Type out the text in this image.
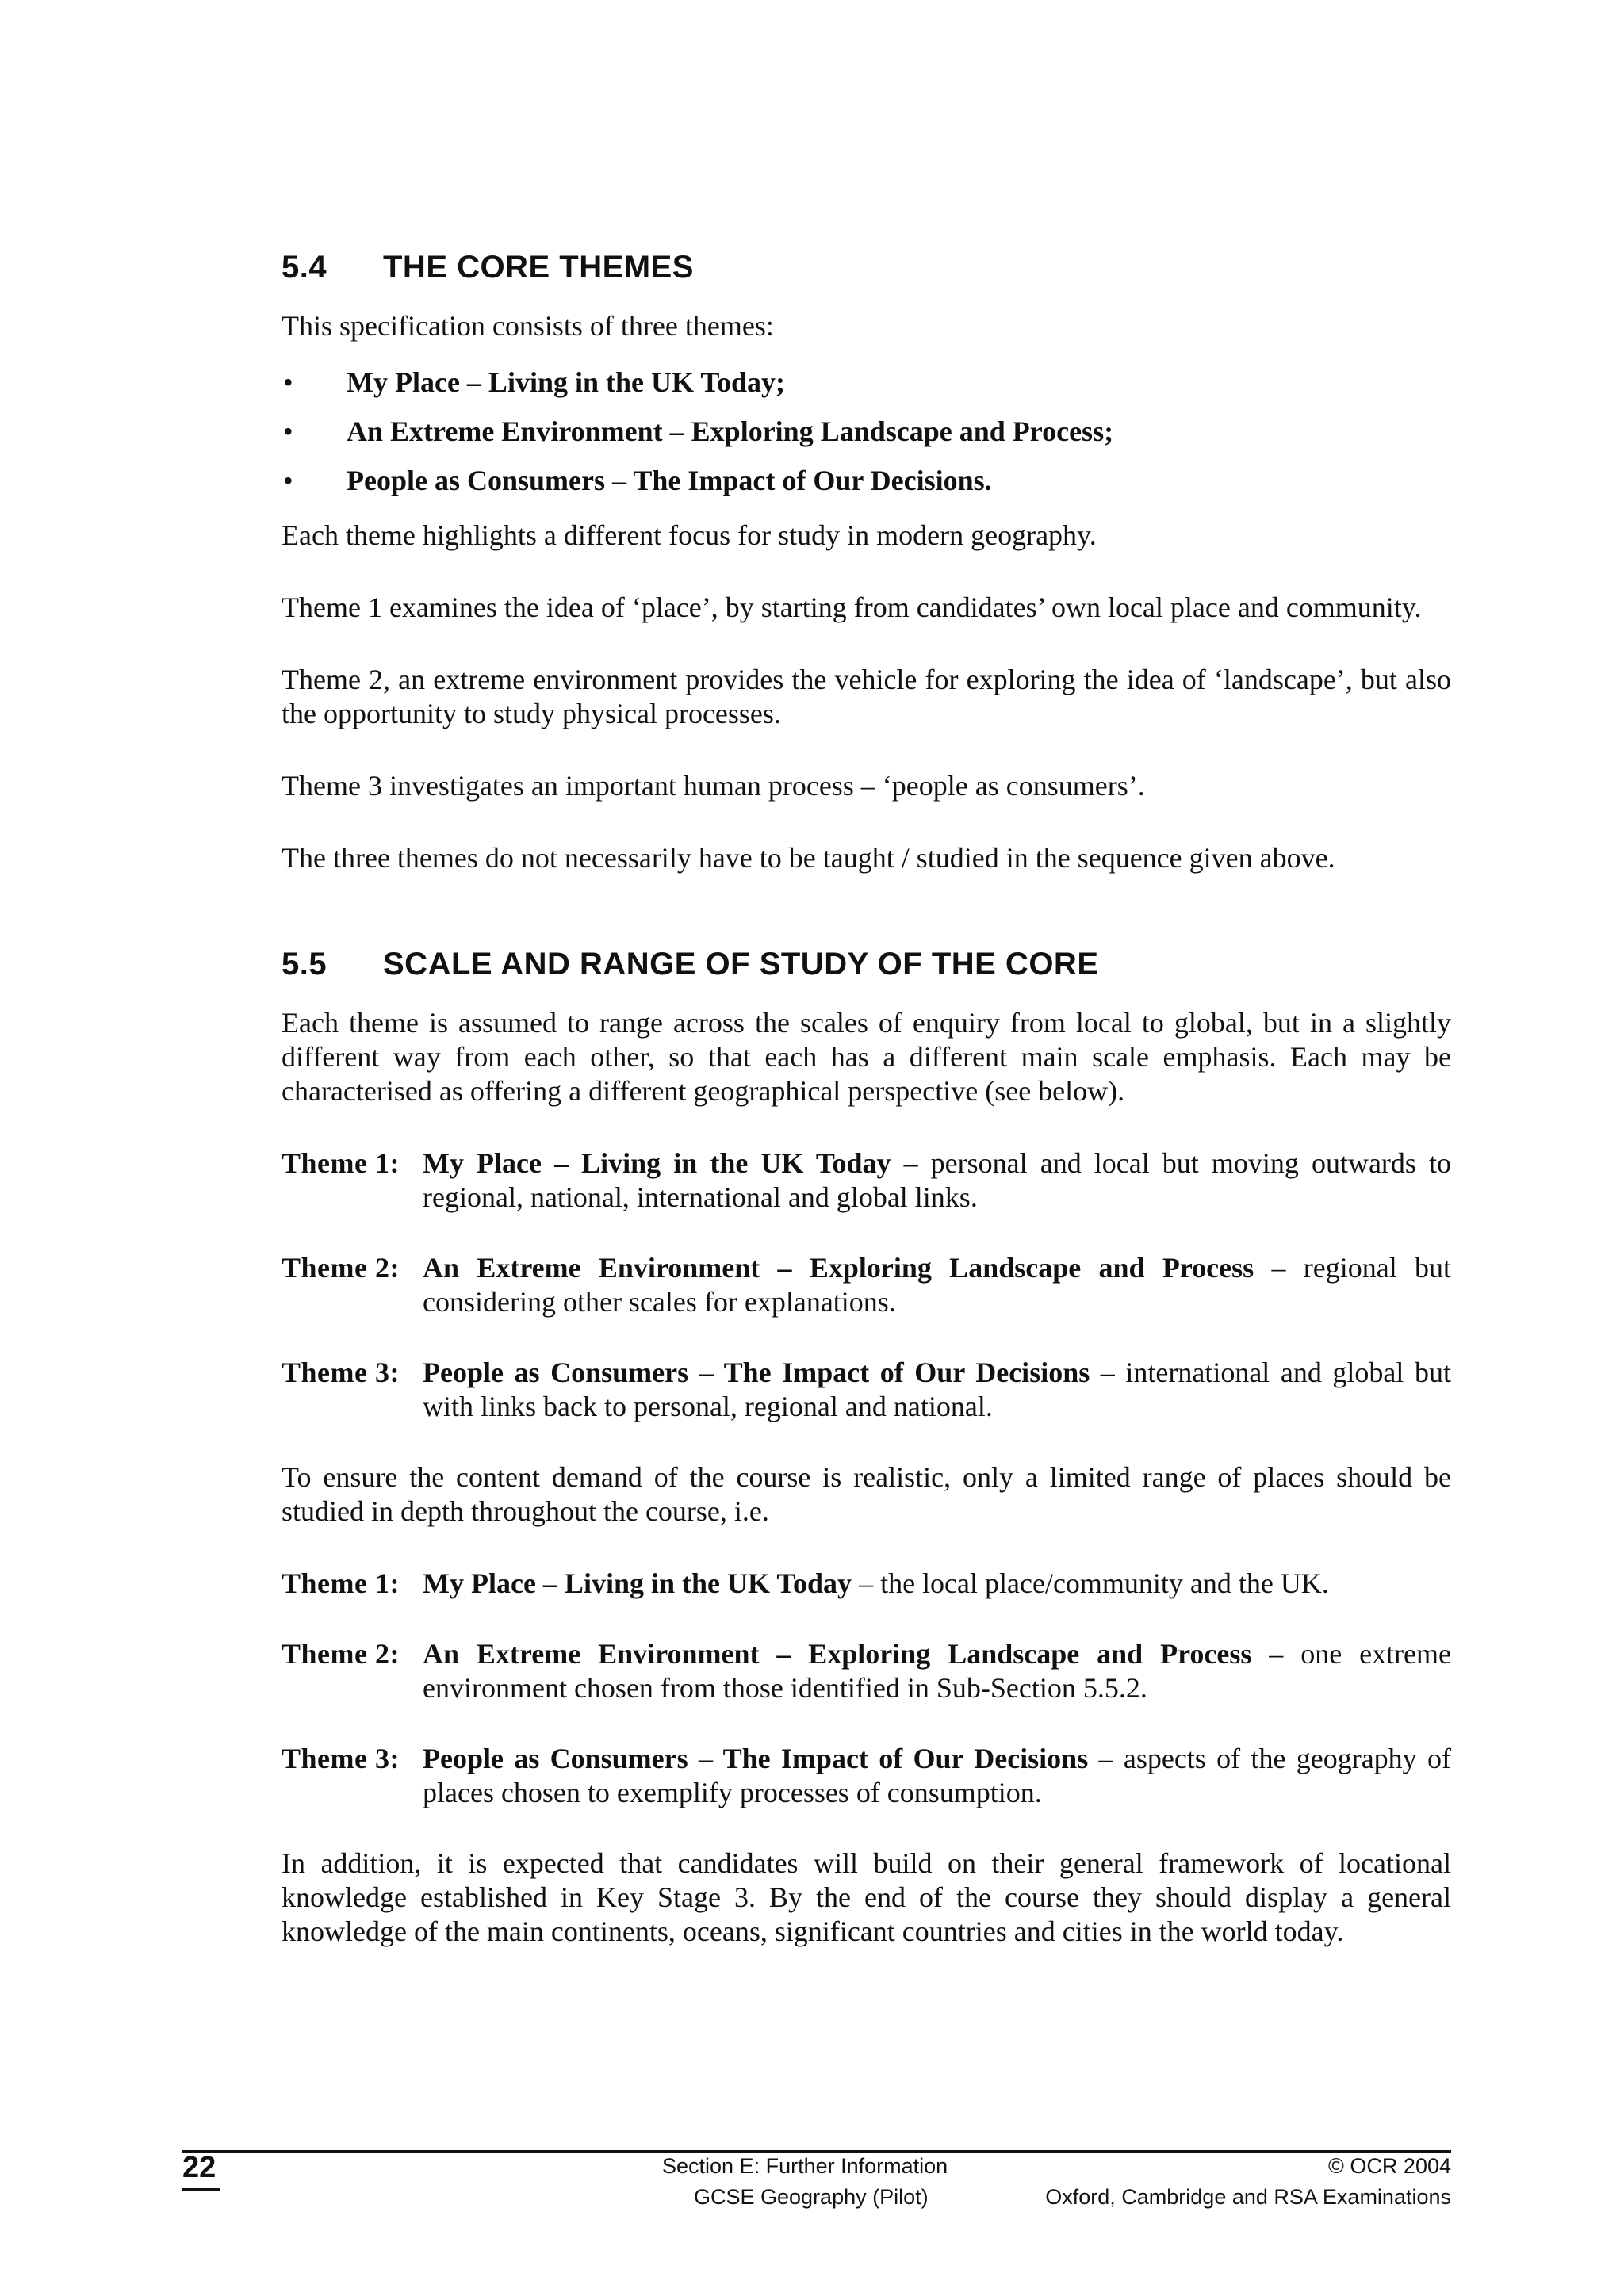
5.4	THE CORE THEMES

This specification consists of three themes:

•	My Place – Living in the UK Today;
•	An Extreme Environment – Exploring Landscape and Process;
•	People as Consumers – The Impact of Our Decisions.

Each theme highlights a different focus for study in modern geography.

Theme 1 examines the idea of ‘place’, by starting from candidates’ own local place and community.

Theme 2, an extreme environment provides the vehicle for exploring the idea of ‘landscape’, but also the opportunity to study physical processes.

Theme 3 investigates an important human process – ‘people as consumers’.

The three themes do not necessarily have to be taught / studied in the sequence given above.

5.5	SCALE AND RANGE OF STUDY OF THE CORE

Each theme is assumed to range across the scales of enquiry from local to global, but in a slightly different way from each other, so that each has a different main scale emphasis. Each may be characterised as offering a different geographical perspective (see below).

Theme 1: My Place – Living in the UK Today – personal and local but moving outwards to regional, national, international and global links.
Theme 2: An Extreme Environment – Exploring Landscape and Process – regional but considering other scales for explanations.
Theme 3: People as Consumers – The Impact of Our Decisions – international and global but with links back to personal, regional and national.

To ensure the content demand of the course is realistic, only a limited range of places should be studied in depth throughout the course, i.e.

Theme 1: My Place – Living in the UK Today – the local place/community and the UK.
Theme 2: An Extreme Environment – Exploring Landscape and Process – one extreme environment chosen from those identified in Sub-Section 5.5.2.
Theme 3: People as Consumers – The Impact of Our Decisions – aspects of the geography of places chosen to exemplify processes of consumption.

In addition, it is expected that candidates will build on their general framework of locational knowledge established in Key Stage 3. By the end of the course they should display a general knowledge of the main continents, oceans, significant countries and cities in the world today.

22	Section E: Further Information
GCSE Geography (Pilot)
© OCR 2004
Oxford, Cambridge and RSA Examinations
